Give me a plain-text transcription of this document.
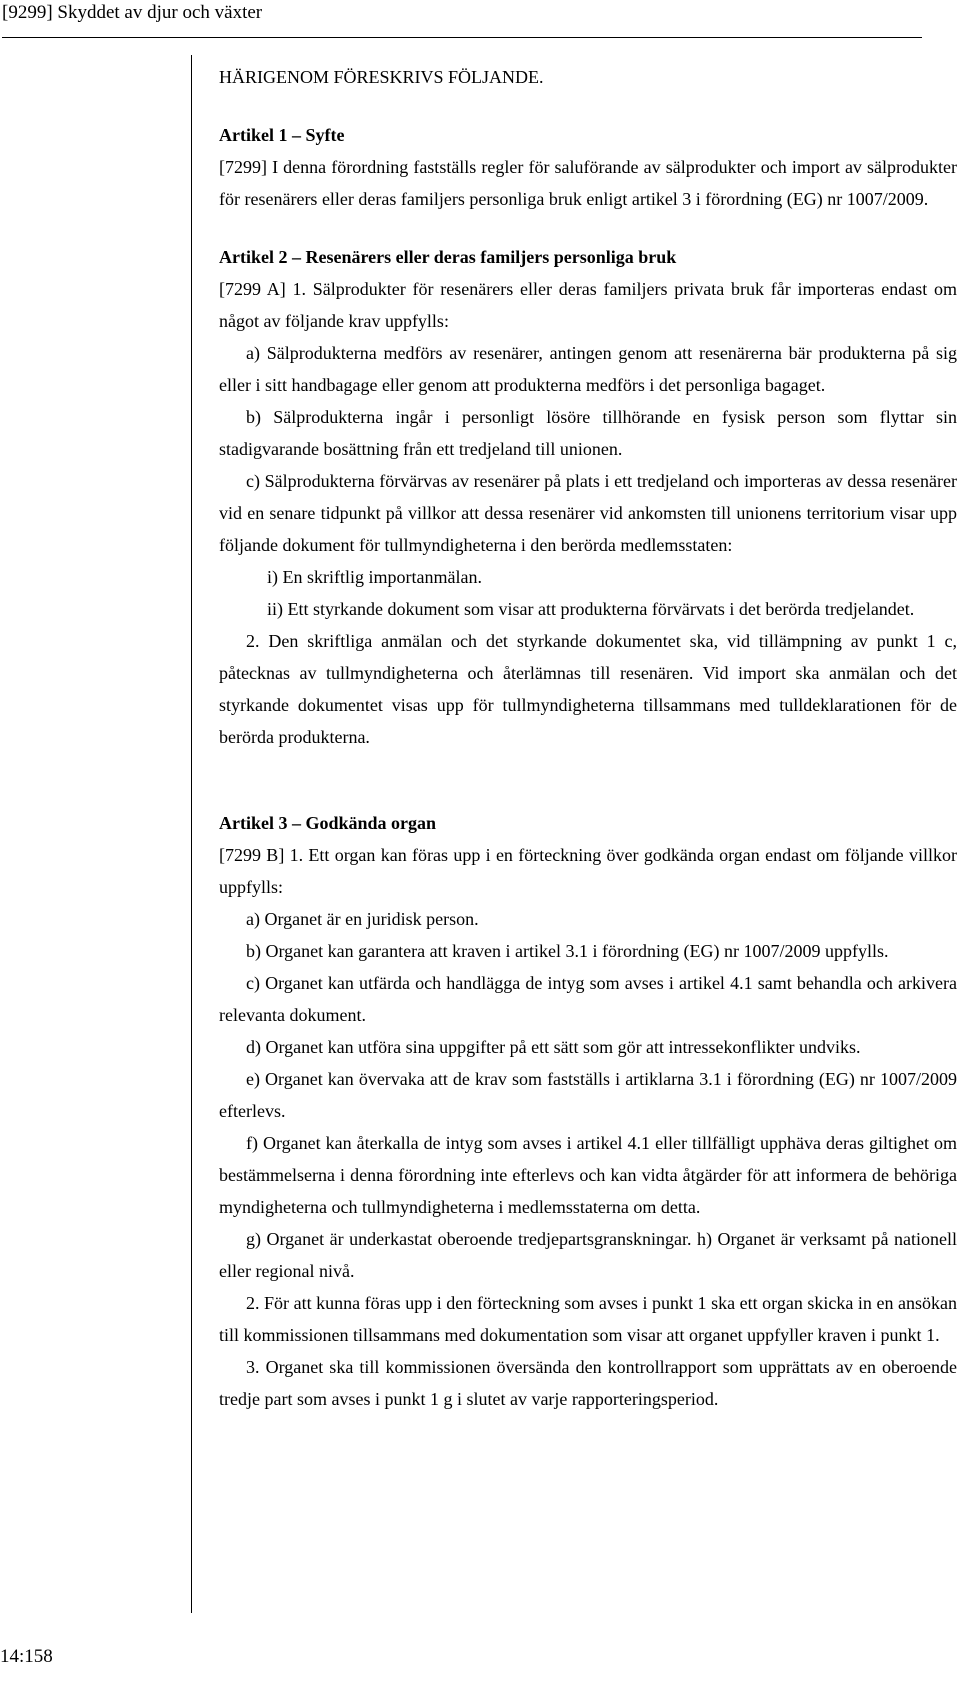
[9299] Skyddet av djur och växter

HÄRIGENOM FÖRESKRIVS FÖLJANDE.

Artikel 1 – Syfte

[7299] I denna förordning fastställs regler för saluförande av sälprodukter och import av sälprodukter för resenärers eller deras familjers personliga bruk enligt artikel 3 i förordning (EG) nr 1007/2009.

Artikel 2 – Resenärers eller deras familjers personliga bruk

[7299 A] 1. Sälprodukter för resenärers eller deras familjers privata bruk får importeras endast om något av följande krav uppfylls:

a) Sälprodukterna medförs av resenärer, antingen genom att resenärerna bär produkterna på sig eller i sitt handbagage eller genom att produkterna medförs i det personliga bagaget.

b) Sälprodukterna ingår i personligt lösöre tillhörande en fysisk person som flyttar sin stadigvarande bosättning från ett tredjeland till unionen.

c) Sälprodukterna förvärvas av resenärer på plats i ett tredjeland och importeras av dessa resenärer vid en senare tidpunkt på villkor att dessa resenärer vid ankomsten till unionens territorium visar upp följande dokument för tullmyndigheterna i den berörda medlemsstaten:

i) En skriftlig importanmälan.

ii) Ett styrkande dokument som visar att produkterna förvärvats i det berörda tredjelandet.

2. Den skriftliga anmälan och det styrkande dokumentet ska, vid tillämpning av punkt 1 c, påtecknas av tullmyndigheterna och återlämnas till resenären. Vid import ska anmälan och det styrkande dokumentet visas upp för tullmyndigheterna tillsammans med tulldeklarationen för de berörda produkterna.

Artikel 3 – Godkända organ

[7299 B] 1. Ett organ kan föras upp i en förteckning över godkända organ endast om följande villkor uppfylls:

a) Organet är en juridisk person.

b) Organet kan garantera att kraven i artikel 3.1 i förordning (EG) nr 1007/2009 uppfylls.

c) Organet kan utfärda och handlägga de intyg som avses i artikel 4.1 samt behandla och arkivera relevanta dokument.

d) Organet kan utföra sina uppgifter på ett sätt som gör att intressekonflikter undviks.

e) Organet kan övervaka att de krav som fastställs i artiklarna 3.1 i förordning (EG) nr 1007/2009 efterlevs.

f) Organet kan återkalla de intyg som avses i artikel 4.1 eller tillfälligt upphäva deras giltighet om bestämmelserna i denna förordning inte efterlevs och kan vidta åtgärder för att informera de behöriga myndigheterna och tullmyndigheterna i medlemsstaterna om detta.

g) Organet är underkastat oberoende tredjepartsgranskningar. h) Organet är verksamt på nationell eller regional nivå.

2. För att kunna föras upp i den förteckning som avses i punkt 1 ska ett organ skicka in en ansökan till kommissionen tillsammans med dokumentation som visar att organet uppfyller kraven i punkt 1.

3. Organet ska till kommissionen översända den kontrollrapport som upprättats av en oberoende tredje part som avses i punkt 1 g i slutet av varje rapporteringsperiod.

14:158
